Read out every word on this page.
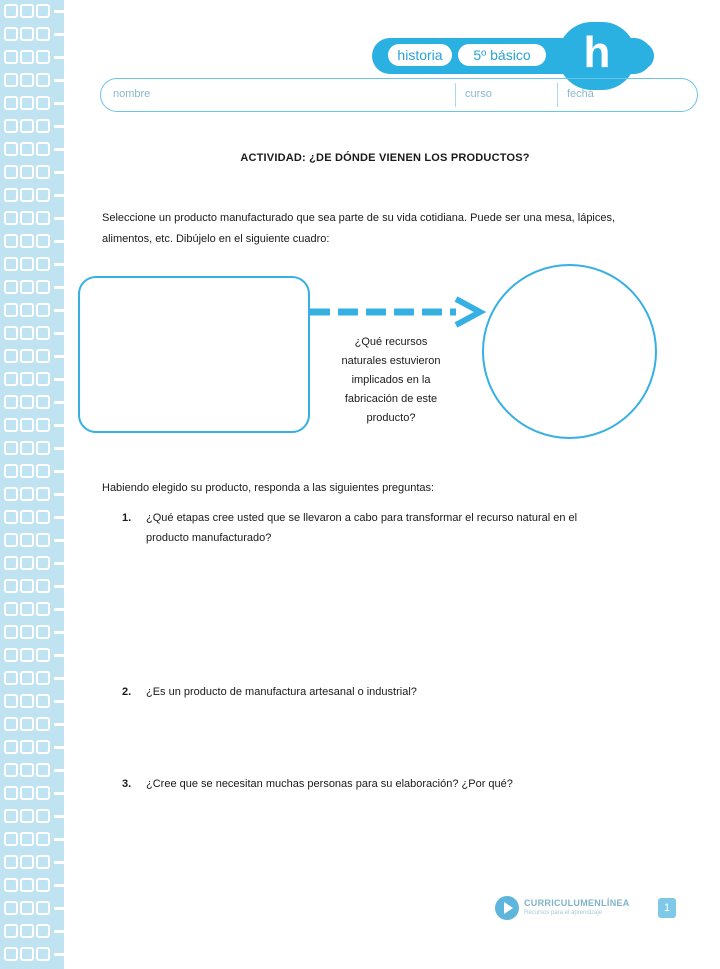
historia	5º básico	h
nombre	curso	fecha
ACTIVIDAD: ¿DE DÓNDE VIENEN LOS PRODUCTOS?
Seleccione un producto manufacturado que sea parte de su vida cotidiana. Puede ser una mesa, lápices,
alimentos, etc. Dibújelo en el siguiente cuadro:
¿Qué recursos
naturales estuvieron
implicados en la
fabricación de este
producto?
Habiendo elegido su producto, responda a las siguientes preguntas:
1. ¿Qué etapas cree usted que se llevaron a cabo para transformar el recurso natural en el
producto manufacturado?
2. ¿Es un producto de manufactura artesanal o industrial?
3. ¿Cree que se necesitan muchas personas para su elaboración? ¿Por qué?
CURRICULUMENLÍNEA
Recursos para el aprendizaje	1
